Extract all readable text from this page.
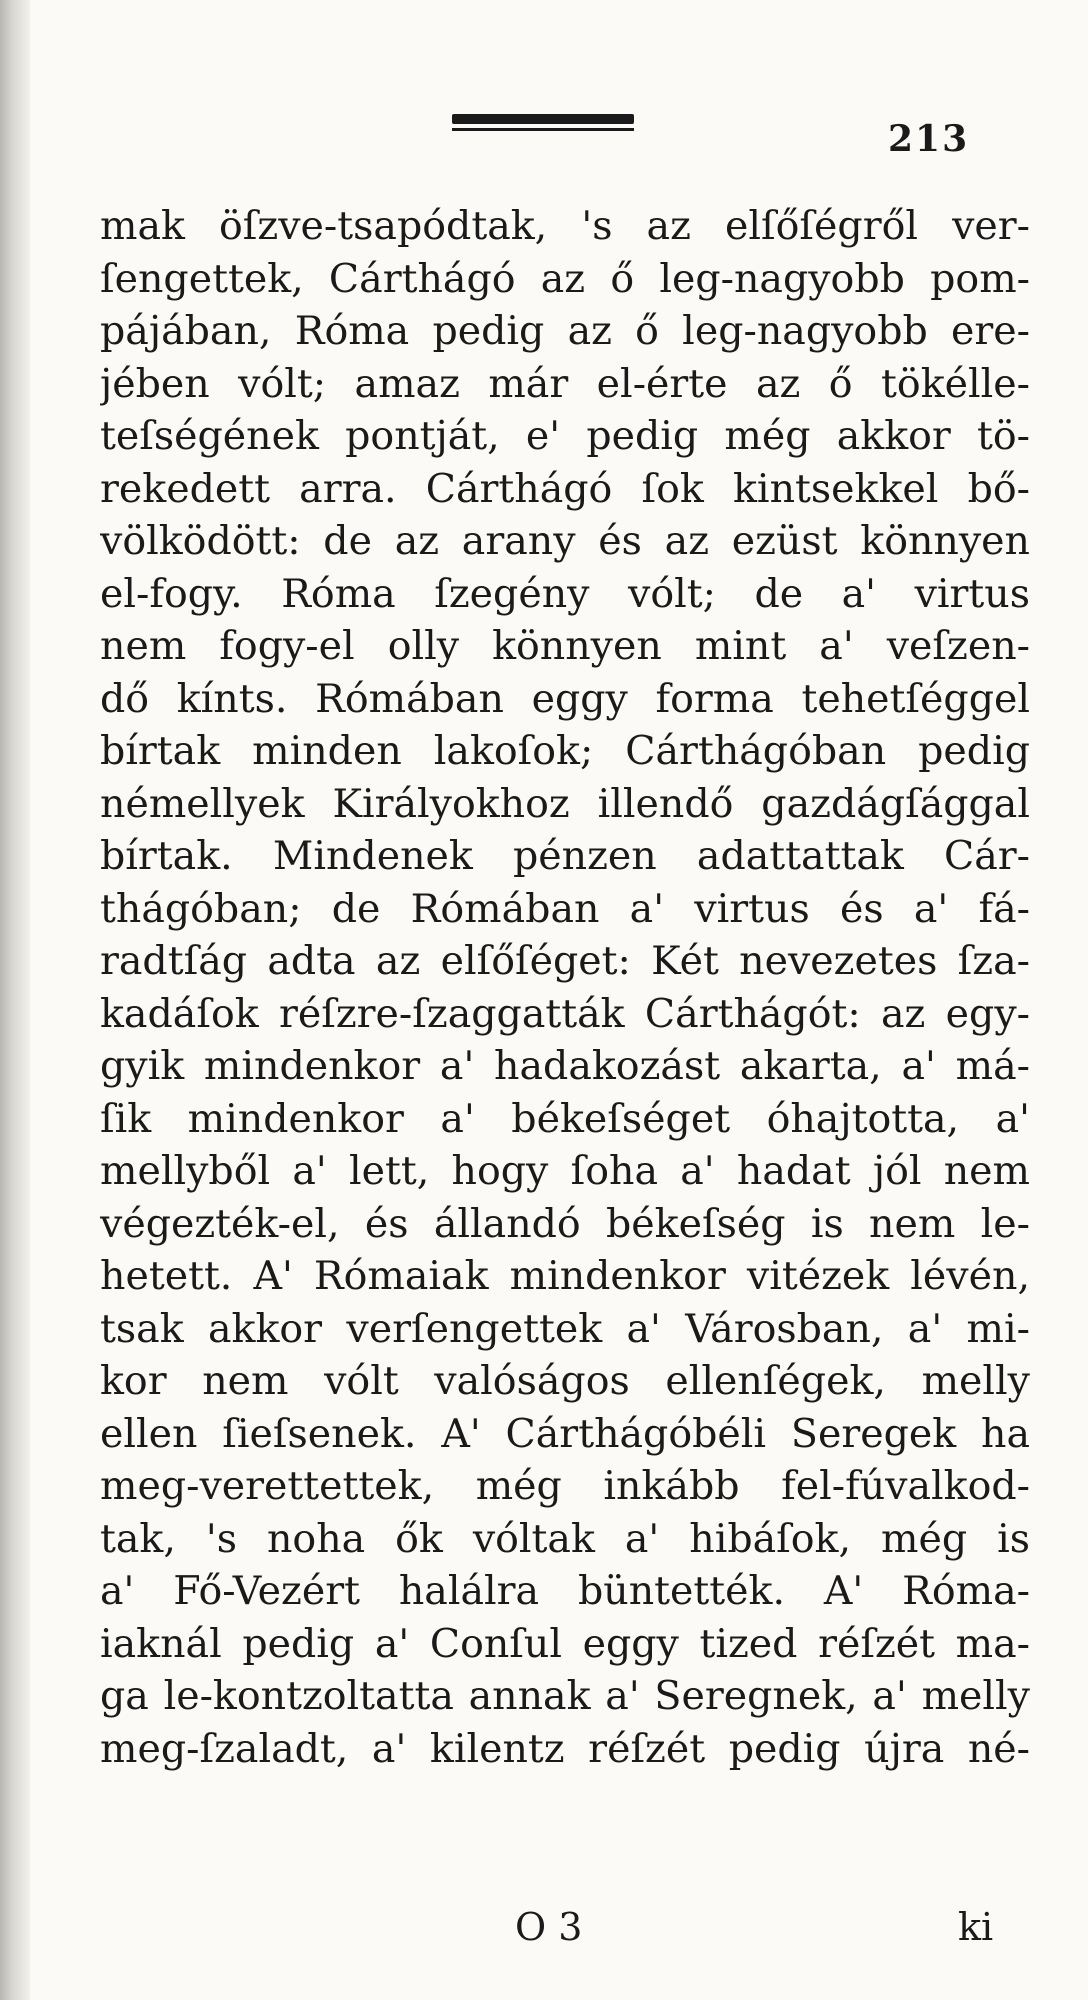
213
mak öſzve-tsapódtak, 's az elſőſégről ver-
ſengettek, Cárthágó az ő leg-nagyobb pom-
pájában, Róma pedig az ő leg-nagyobb ere-
jében vólt; amaz már el-érte az ő tökélle-
teſségének pontját, e' pedig még akkor tö-
rekedett arra. Cárthágó ſok kintsekkel bő-
völködött: de az arany és az ezüst könnyen
el-fogy. Róma ſzegény vólt; de a' virtus
nem fogy-el olly könnyen mint a' veſzen-
dő kínts. Rómában eggy forma tehetſéggel
bírtak minden lakoſok; Cárthágóban pedig
némellyek Királyokhoz illendő gazdágſággal
bírtak. Mindenek pénzen adattattak Cár-
thágóban; de Rómában a' virtus és a' fá-
radtſág adta az elſőſéget: Két nevezetes ſza-
kadáſok réſzre-ſzaggatták Cárthágót: az egy-
gyik mindenkor a' hadakozást akarta, a' má-
ſik mindenkor a' békeſséget óhajtotta, a'
mellyből a' lett, hogy ſoha a' hadat jól nem
végezték-el, és állandó békeſség is nem le-
hetett. A' Rómaiak mindenkor vitézek lévén,
tsak akkor verſengettek a' Városban, a' mi-
kor nem vólt valóságos ellenſégek, melly
ellen ſieſsenek. A' Cárthágóbéli Seregek ha
meg-verettettek, még inkább fel-fúvalkod-
tak, 's noha ők vóltak a' hibáſok, még is
a' Fő-Vezért halálra büntették. A' Róma-
iaknál pedig a' Conſul eggy tized réſzét ma-
ga le-kontzoltatta annak a' Seregnek, a' melly
meg-ſzaladt, a' kilentz réſzét pedig újra né-
O 3	ki
